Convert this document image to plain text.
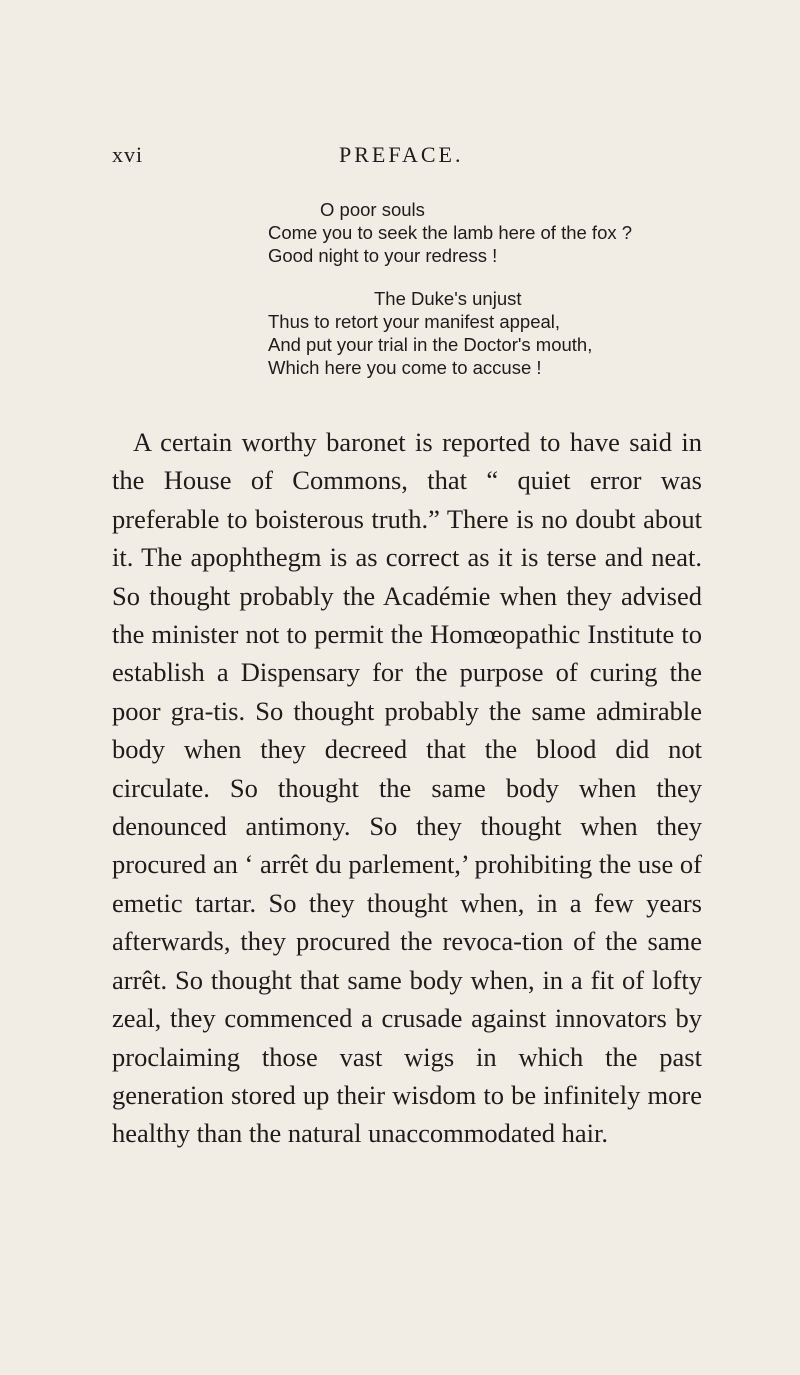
xvi	PREFACE.
O poor souls
Come you to seek the lamb here of the fox ?
Good night to your redress !
The Duke's unjust
Thus to retort your manifest appeal,
And put your trial in the Doctor's mouth,
Which here you come to accuse !

A certain worthy baronet is reported to have said in the House of Commons, that “ quiet error was preferable to boisterous truth.” There is no doubt about it. The apophthegm is as correct as it is terse and neat. So thought probably the Académie when they advised the minister not to permit the Homœopathic Institute to establish a Dispensary for the purpose of curing the poor gra-tis. So thought probably the same admirable body when they decreed that the blood did not circulate. So thought the same body when they denounced antimony. So they thought when they procured an ‘ arrêt du parlement,’ prohibiting the use of emetic tartar. So they thought when, in a few years afterwards, they procured the revoca-tion of the same arrêt. So thought that same body when, in a fit of lofty zeal, they commenced a crusade against innovators by proclaiming those vast wigs in which the past generation stored up their wisdom to be infinitely more healthy than the natural unaccommodated hair.
